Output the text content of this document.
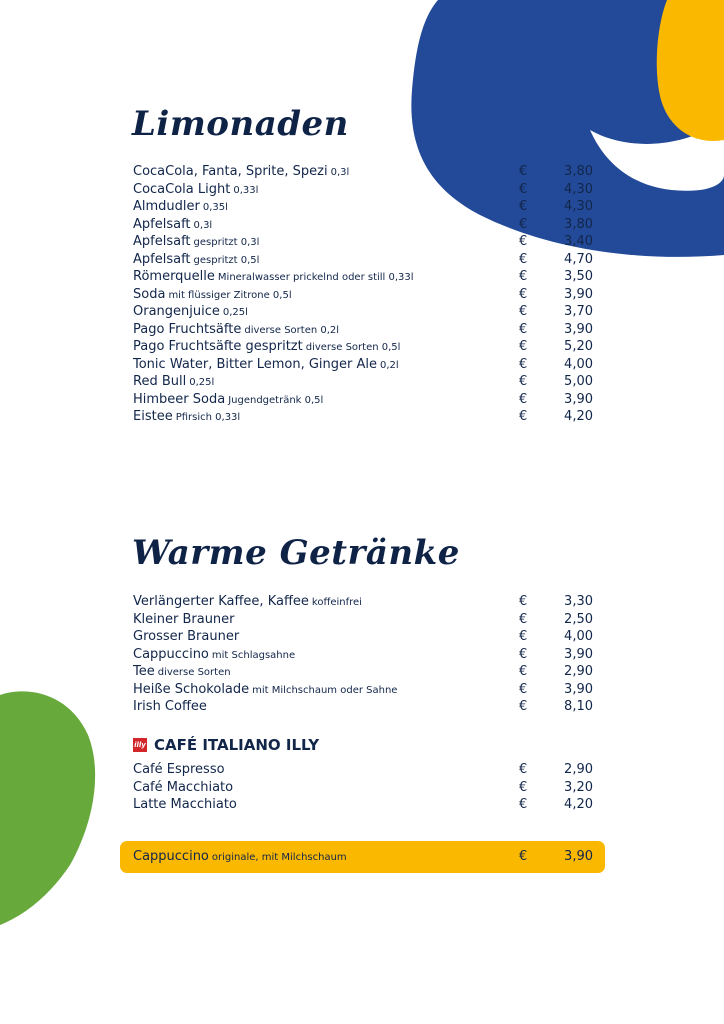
Limonaden
CocaCola, Fanta, Sprite, Spezi 0,3l	€	3,80
CocaCola Light 0,33l	€	4,30
Almdudler 0,35l	€	4,30
Apfelsaft 0,3l	€	3,80
Apfelsaft gespritzt 0,3l	€	3,40
Apfelsaft gespritzt 0,5l	€	4,70
Römerquelle Mineralwasser prickelnd oder still 0,33l	€	3,50
Soda mit flüssiger Zitrone 0,5l	€	3,90
Orangenjuice 0,25l	€	3,70
Pago Fruchtsäfte diverse Sorten 0,2l	€	3,90
Pago Fruchtsäfte gespritzt diverse Sorten 0,5l	€	5,20
Tonic Water, Bitter Lemon, Ginger Ale 0,2l	€	4,00
Red Bull 0,25l	€	5,00
Himbeer Soda Jugendgetränk 0,5l	€	3,90
Eistee Pfirsich 0,33l	€	4,20
Warme Getränke
Verlängerter Kaffee, Kaffee koffeinfrei	€	3,30
Kleiner Brauner	€	2,50
Grosser Brauner	€	4,00
Cappuccino mit Schlagsahne	€	3,90
Tee diverse Sorten	€	2,90
Heiße Schokolade mit Milchschaum oder Sahne	€	3,90
Irish Coffee	€	8,10
illy CAFÉ ITALIANO ILLY
Café Espresso	€	2,90
Café Macchiato	€	3,20
Latte Macchiato	€	4,20
Cappuccino originale, mit Milchschaum	€	3,90
